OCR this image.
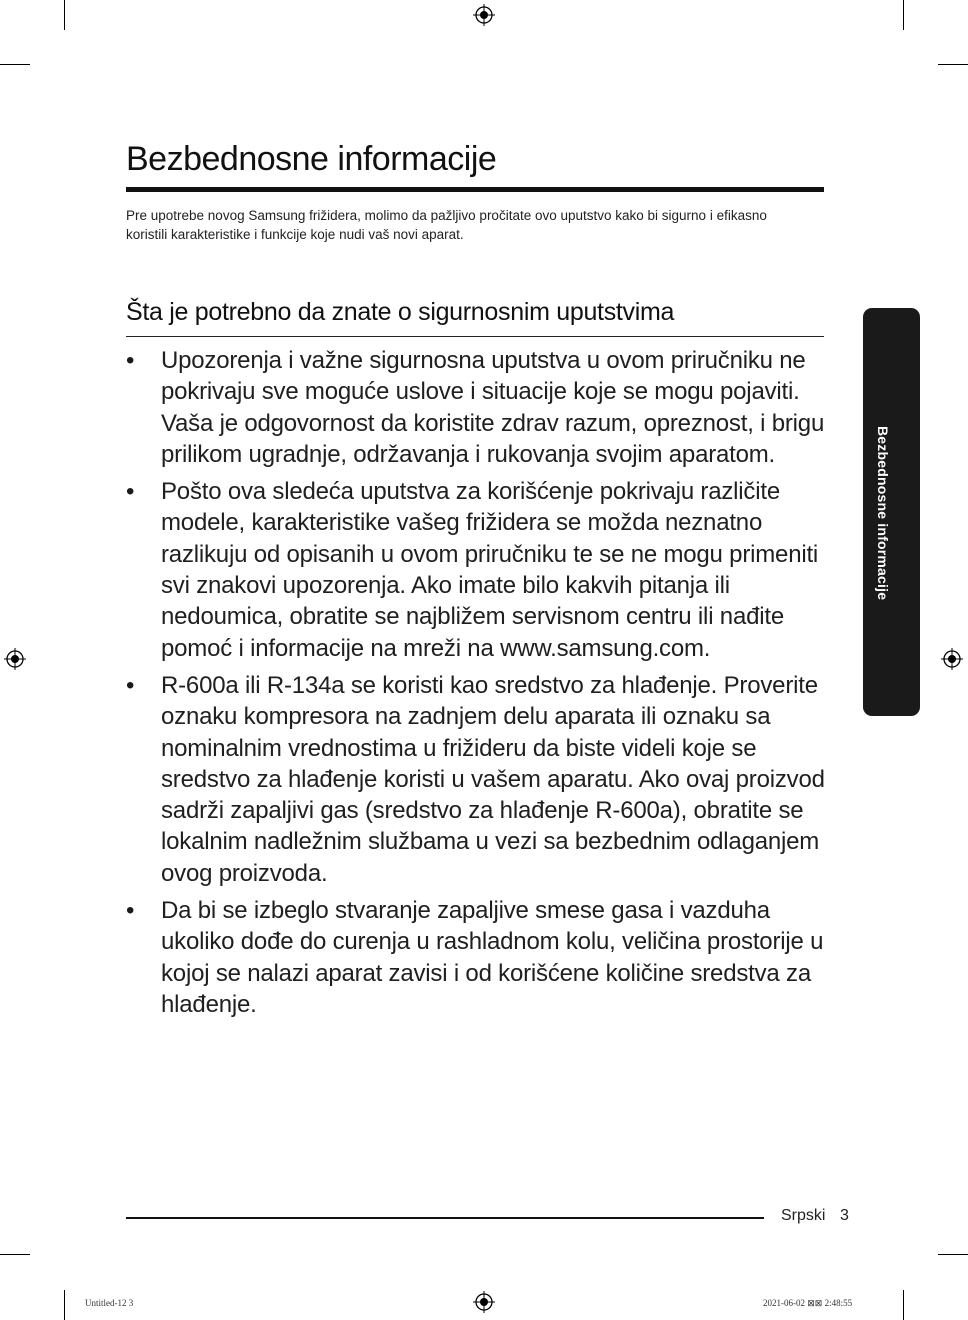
Bezbednosne informacije

Pre upotrebe novog Samsung frižidera, molimo da pažljivo pročitate ovo uputstvo kako bi sigurno i efikasno koristili karakteristike i funkcije koje nudi vaš novi aparat.

Šta je potrebno da znate o sigurnosnim uputstvima
• Upozorenja i važne sigurnosna uputstva u ovom priručniku ne pokrivaju sve moguće uslove i situacije koje se mogu pojaviti.

Vaša je odgovornost da koristite zdrav razum, opreznost, i brigu prilikom ugradnje, održavanja i rukovanja svojim aparatom.

• Pošto ova sledeća uputstva za korišćenje pokrivaju različite modele, karakteristike vašeg frižidera se možda neznatno razlikuju od opisanih u ovom priručniku te se ne mogu primeniti svi znakovi upozorenja. Ako imate bilo kakvih pitanja ili nedoumica, obratite se najbližem servisnom centru ili nađite pomoć i informacije na mreži na www.samsung.com.

• R-600a ili R-134a se koristi kao sredstvo za hlađenje. Proverite oznaku kompresora na zadnjem delu aparata ili oznaku sa nominalnim vrednostima u frižideru da biste videli koje se sredstvo za hlađenje koristi u vašem aparatu. Ako ovaj proizvod sadrži zapaljivi gas (sredstvo za hlađenje R-600a), obratite se lokalnim nadležnim službama u vezi sa bezbednim odlaganjem ovog proizvoda.

• Da bi se izbeglo stvaranje zapaljive smese gasa i vazduha ukoliko dođe do curenja u rashladnom kolu, veličina prostorije u kojoj se nalazi aparat zavisi i od korišćene količine sredstva za hlađenje.

Bezbednosne informacije
Srpski 3
Untitled-12 3	2021-06-02 ⊠⊠ 2:48:55
